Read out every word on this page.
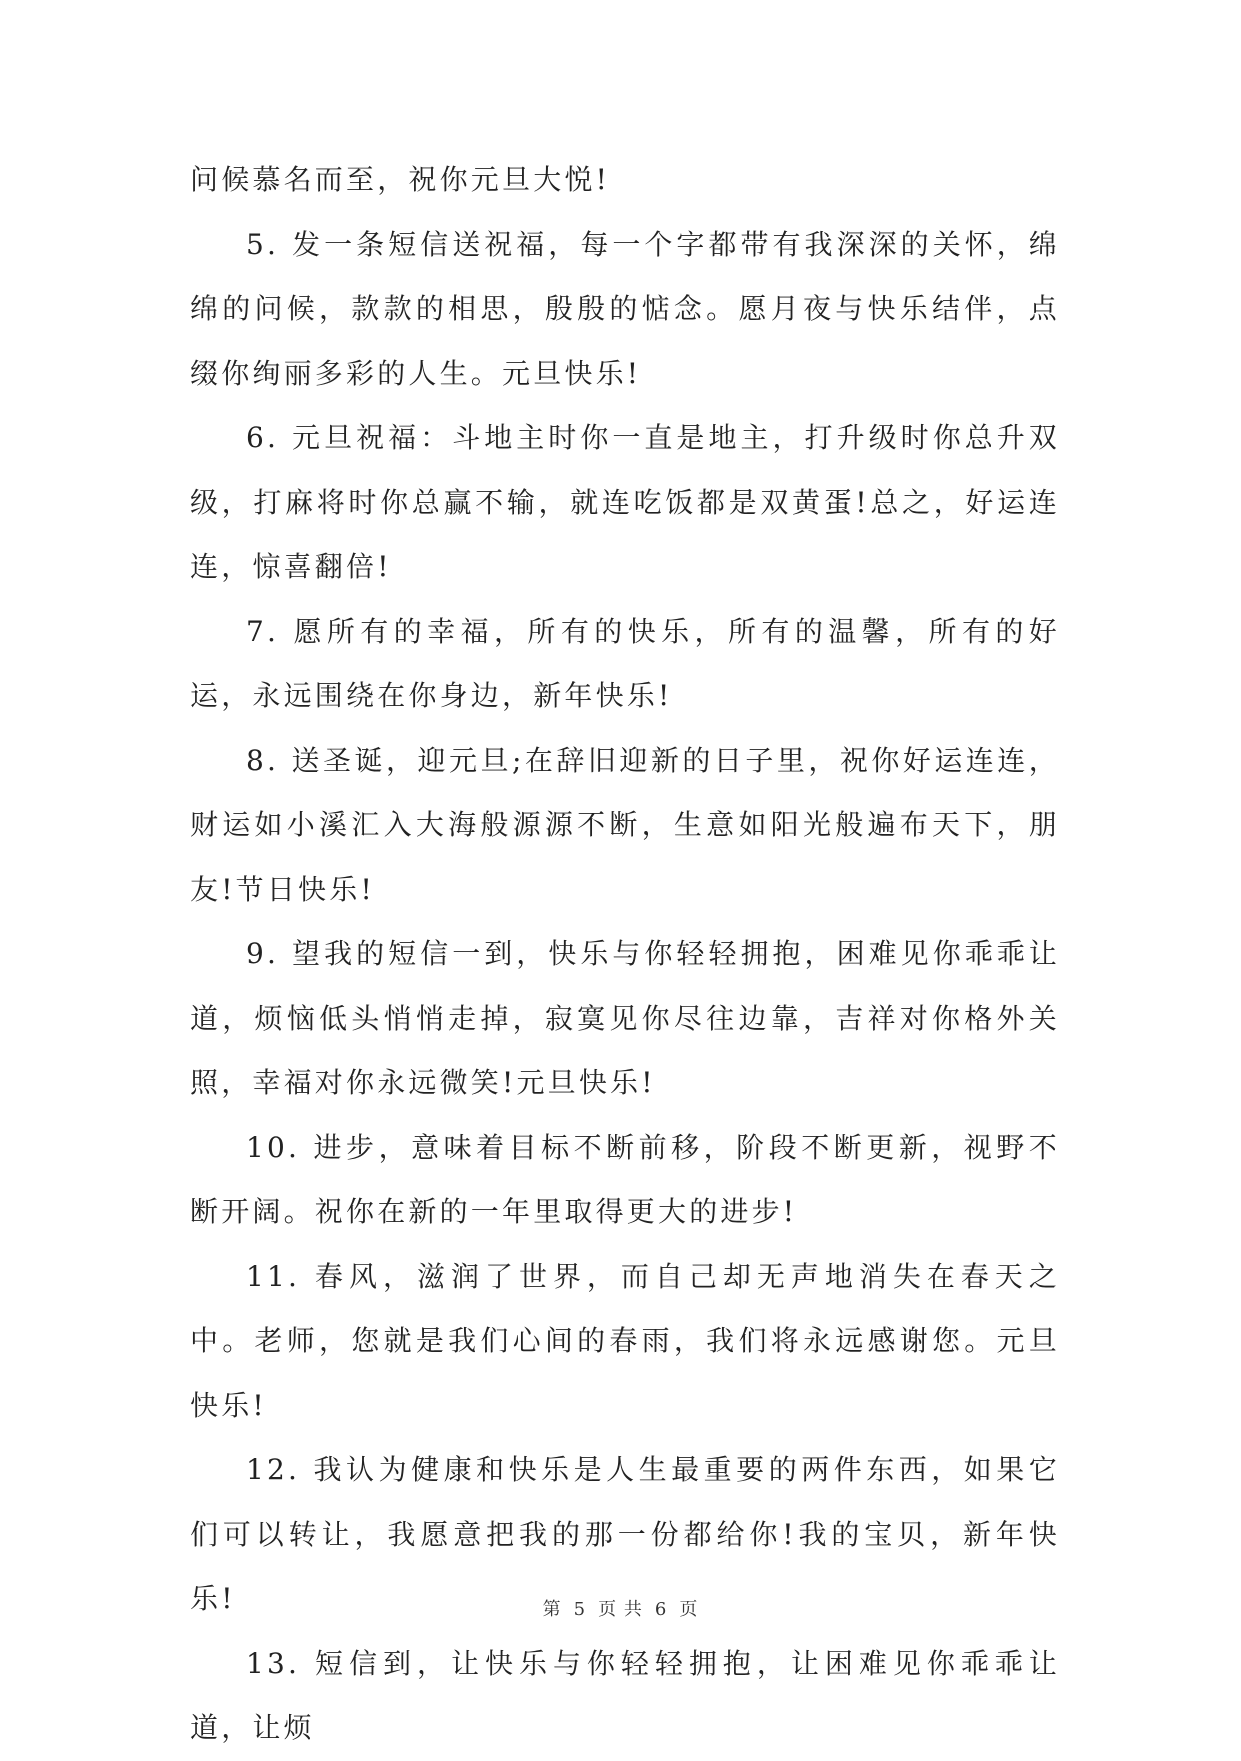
问候慕名而至，祝你元旦大悦!

5. 发一条短信送祝福，每一个字都带有我深深的关怀，绵绵的问候，款款的相思，殷殷的惦念。愿月夜与快乐结伴，点缀你绚丽多彩的人生。元旦快乐!

6. 元旦祝福：斗地主时你一直是地主，打升级时你总升双级，打麻将时你总赢不输，就连吃饭都是双黄蛋!总之，好运连连，惊喜翻倍!

7. 愿所有的幸福，所有的快乐，所有的温馨，所有的好运，永远围绕在你身边，新年快乐!

8. 送圣诞，迎元旦;在辞旧迎新的日子里，祝你好运连连，财运如小溪汇入大海般源源不断，生意如阳光般遍布天下，朋友!节日快乐!

9. 望我的短信一到，快乐与你轻轻拥抱，困难见你乖乖让道，烦恼低头悄悄走掉，寂寞见你尽往边靠，吉祥对你格外关照，幸福对你永远微笑!元旦快乐!

10. 进步，意味着目标不断前移，阶段不断更新，视野不断开阔。祝你在新的一年里取得更大的进步!

11. 春风，滋润了世界，而自己却无声地消失在春天之中。老师，您就是我们心间的春雨，我们将永远感谢您。元旦快乐!

12. 我认为健康和快乐是人生最重要的两件东西，如果它们可以转让，我愿意把我的那一份都给你!我的宝贝，新年快乐!

13. 短信到，让快乐与你轻轻拥抱，让困难见你乖乖让道，让烦

第 5 页 共 6 页
